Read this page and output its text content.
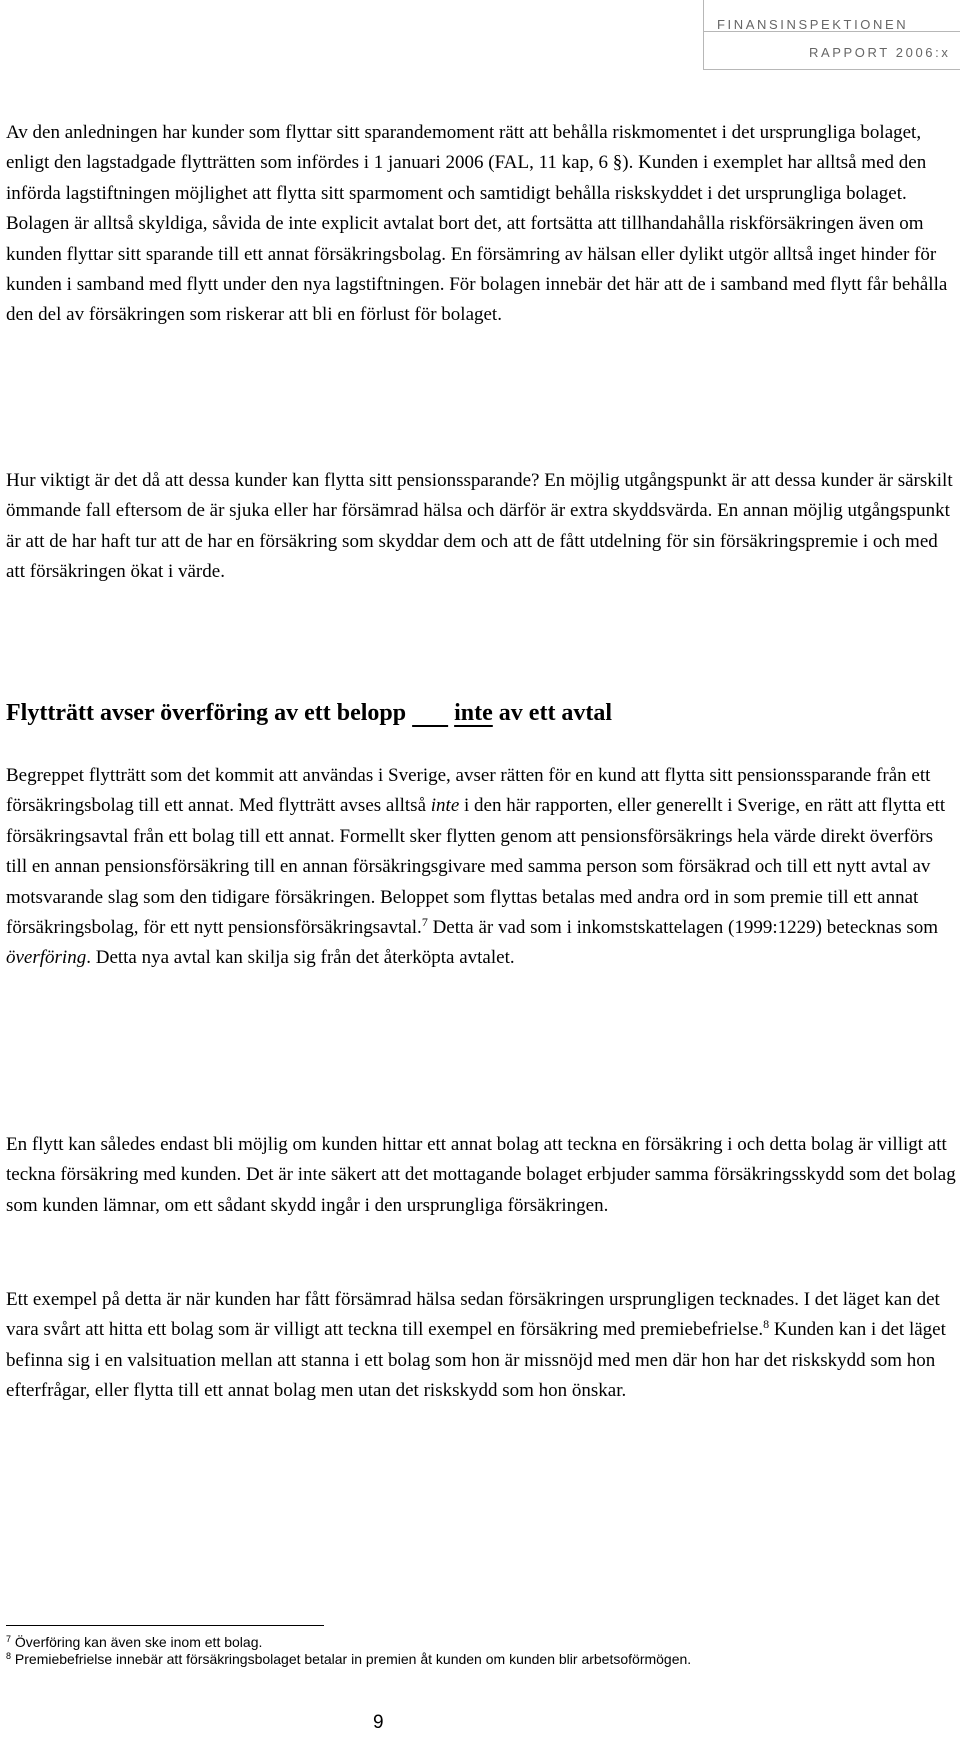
FINANSINSPEKTIONEN
RAPPORT 2006:x

Av den anledningen har kunder som flyttar sitt sparandemoment rätt att behålla riskmomentet i det ursprungliga bolaget, enligt den lagstadgade flytträtten som infördes i 1 januari 2006 (FAL, 11 kap, 6 §). Kunden i exemplet har alltså med den införda lagstiftningen möjlighet att flytta sitt sparmoment och samtidigt behålla riskskyddet i det ursprungliga bolaget. Bolagen är alltså skyldiga, såvida de inte explicit avtalat bort det, att fortsätta att tillhandahålla riskförsäkringen även om kunden flyttar sitt sparande till ett annat försäkringsbolag. En försämring av hälsan eller dylikt utgör alltså inget hinder för kunden i samband med flytt under den nya lagstiftningen. För bolagen innebär det här att de i samband med flytt får behålla den del av försäkringen som riskerar att bli en förlust för bolaget.

Hur viktigt är det då att dessa kunder kan flytta sitt pensionssparande? En möjlig utgångspunkt är att dessa kunder är särskilt ömmande fall eftersom de är sjuka eller har försämrad hälsa och därför är extra skyddsvärda. En annan möjlig utgångspunkt är att de har haft tur att de har en försäkring som skyddar dem och att de fått utdelning för sin försäkringspremie i och med att försäkringen ökat i värde.

Flytträtt avser överföring av ett belopp    inte av ett avtal

Begreppet flytträtt som det kommit att användas i Sverige, avser rätten för en kund att flytta sitt pensionssparande från ett försäkringsbolag till ett annat. Med flytträtt avses alltså inte i den här rapporten, eller generellt i Sverige, en rätt att flytta ett försäkringsavtal från ett bolag till ett annat. Formellt sker flytten genom att pensionsförsäkrings hela värde direkt överförs till en annan pensionsförsäkring till en annan försäkringsgivare med samma person som försäkrad och till ett nytt avtal av motsvarande slag som den tidigare försäkringen. Beloppet som flyttas betalas med andra ord in som premie till ett annat försäkringsbolag, för ett nytt pensionsförsäkringsavtal.$^7$ Detta är vad som i inkomstskattelagen (1999:1229) betecknas som överföring. Detta nya avtal kan skilja sig från det återköpta avtalet.

En flytt kan således endast bli möjlig om kunden hittar ett annat bolag att teckna en försäkring i och detta bolag är villigt att teckna försäkring med kunden. Det är inte säkert att det mottagande bolaget erbjuder samma försäkringsskydd som det bolag som kunden lämnar, om ett sådant skydd ingår i den ursprungliga försäkringen.

Ett exempel på detta är när kunden har fått försämrad hälsa sedan försäkringen ursprungligen tecknades. I det läget kan det vara svårt att hitta ett bolag som är villigt att teckna till exempel en försäkring med premiebefrielse.$^8$ Kunden kan i det läget befinna sig i en valsituation mellan att stanna i ett bolag som hon är missnöjd med men där hon har det riskskydd som hon efterfrågar, eller flytta till ett annat bolag men utan det riskskydd som hon önskar.

$^7$ Överföring kan även ske inom ett bolag.

$^8$ Premiebefrielse innebär att försäkringsbolaget betalar in premien åt kunden om kunden blir arbetsoförmögen.

9
